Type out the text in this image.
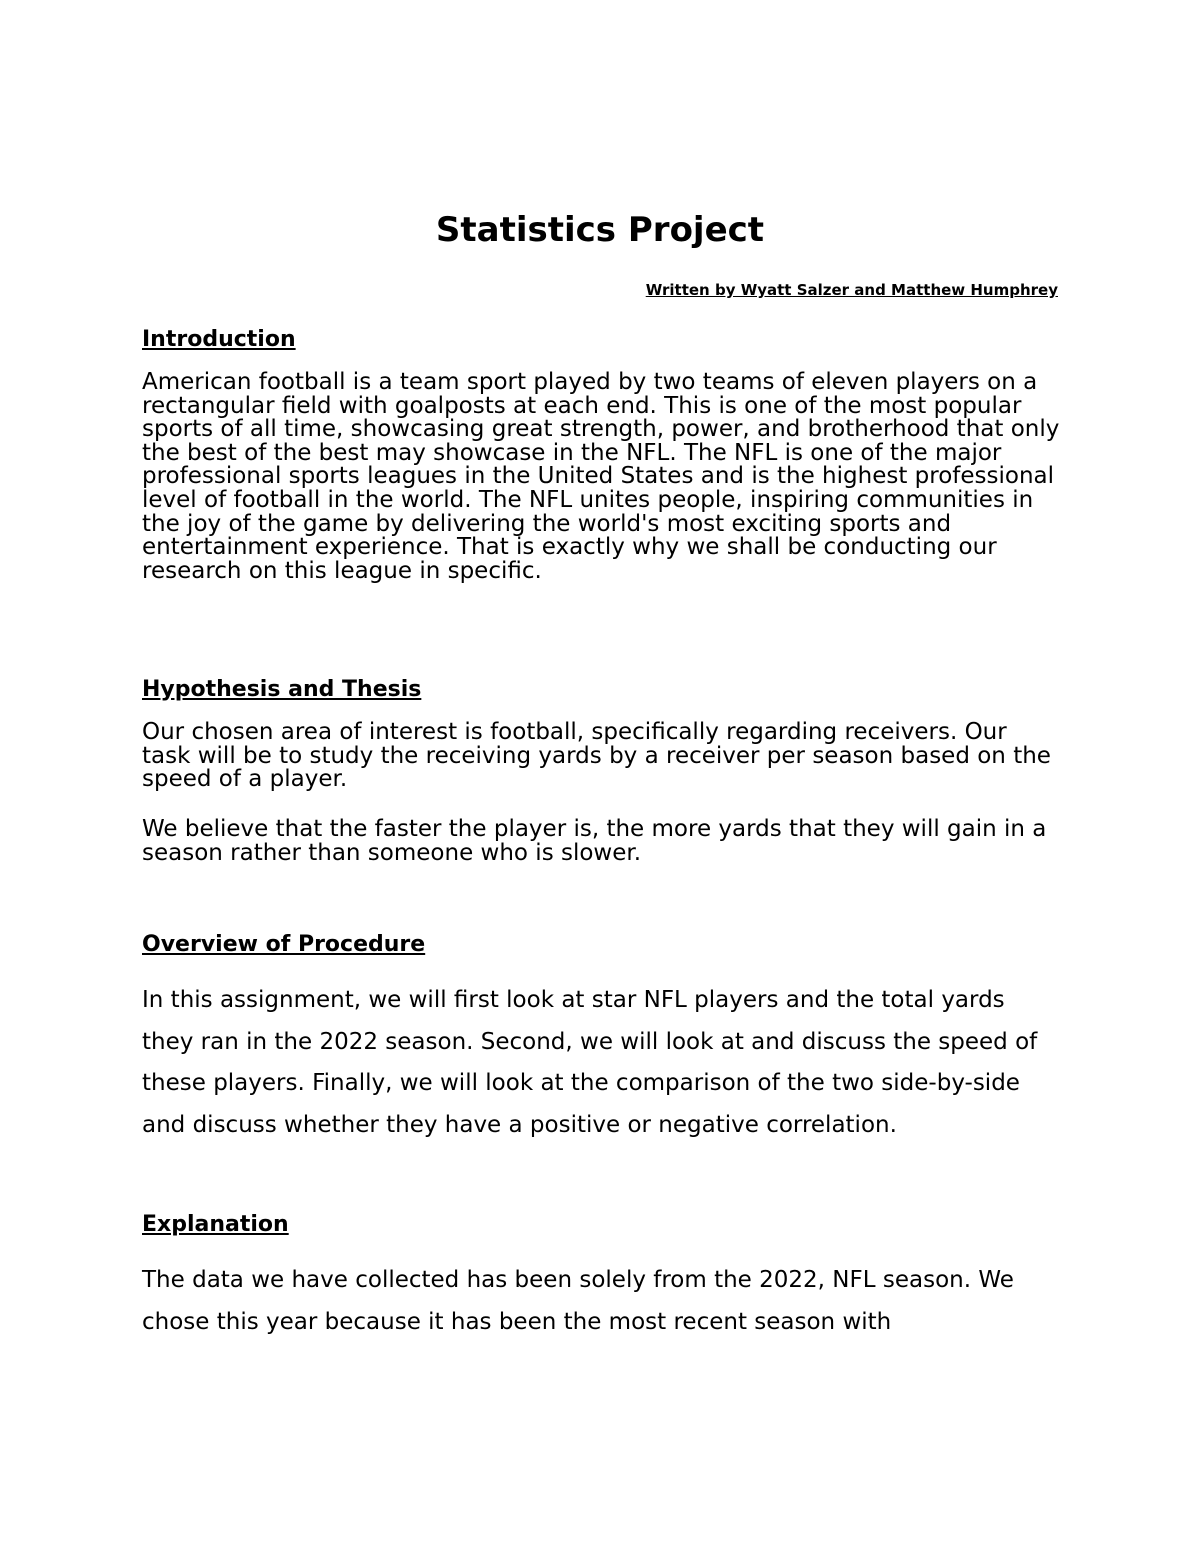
Statistics Project

Written by Wyatt Salzer and Matthew Humphrey

Introduction

American football is a team sport played by two teams of eleven players on a rectangular field with goalposts at each end. This is one of the most popular sports of all time, showcasing great strength, power, and brotherhood that only the best of the best may showcase in the NFL. The NFL is one of the major professional sports leagues in the United States and is the highest professional level of football in the world. The NFL unites people, inspiring communities in the joy of the game by delivering the world's most exciting sports and entertainment experience. That is exactly why we shall be conducting our research on this league in specific.

Hypothesis and Thesis

Our chosen area of interest is football, specifically regarding receivers. Our task will be to study the receiving yards by a receiver per season based on the speed of a player.

We believe that the faster the player is, the more yards that they will gain in a season rather than someone who is slower.

Overview of Procedure

In this assignment, we will first look at star NFL players and the total yards they ran in the 2022 season. Second, we will look at and discuss the speed of these players. Finally, we will look at the comparison of the two side-by-side and discuss whether they have a positive or negative correlation.

Explanation

The data we have collected has been solely from the 2022, NFL season. We chose this year because it has been the most recent season with
